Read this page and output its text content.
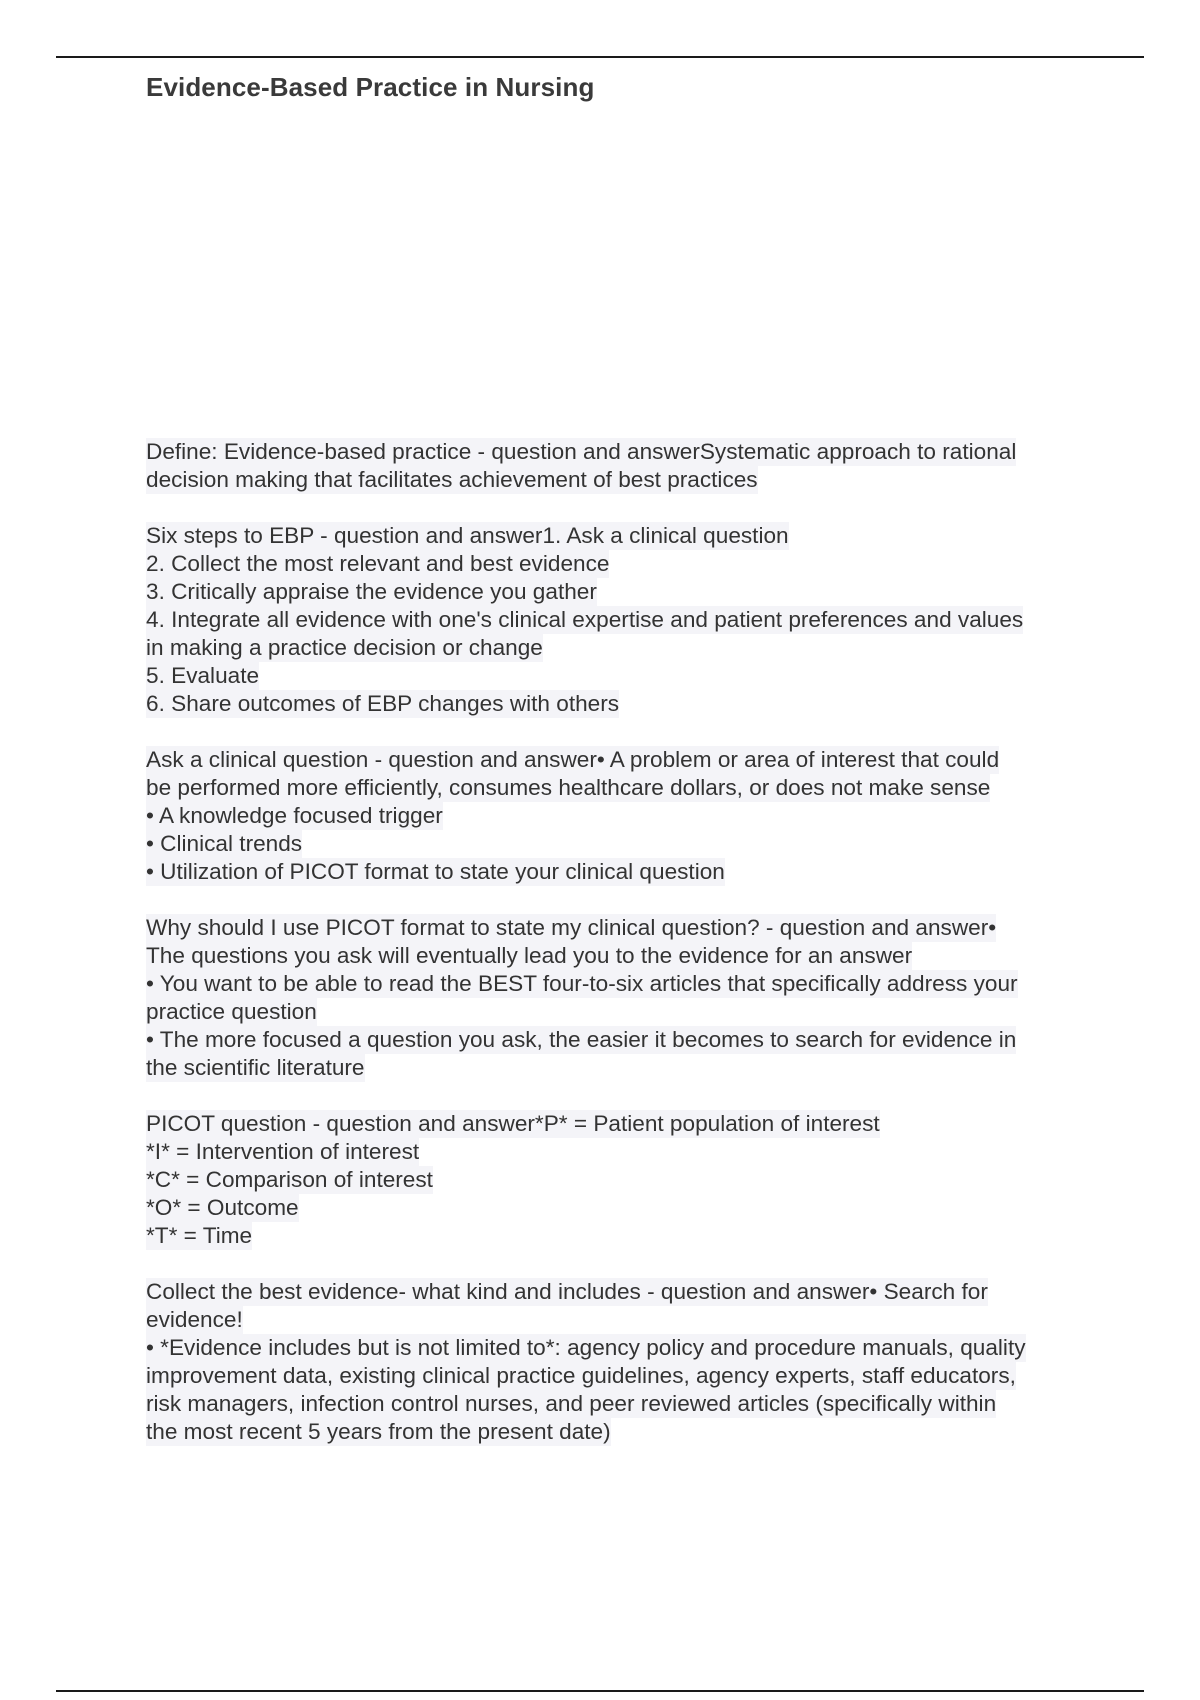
Evidence-Based Practice in Nursing
Define: Evidence-based practice - question and answerSystematic approach to rational
decision making that facilitates achievement of best practices
Six steps to EBP - question and answer1. Ask a clinical question
2. Collect the most relevant and best evidence
3. Critically appraise the evidence you gather
4. Integrate all evidence with one's clinical expertise and patient preferences and values
in making a practice decision or change
5. Evaluate
6. Share outcomes of EBP changes with others
Ask a clinical question - question and answer• A problem or area of interest that could
be performed more efficiently, consumes healthcare dollars, or does not make sense
• A knowledge focused trigger
• Clinical trends
• Utilization of PICOT format to state your clinical question
Why should I use PICOT format to state my clinical question? - question and answer•
The questions you ask will eventually lead you to the evidence for an answer
• You want to be able to read the BEST four-to-six articles that specifically address your
practice question
• The more focused a question you ask, the easier it becomes to search for evidence in
the scientific literature
PICOT question - question and answer*P* = Patient population of interest
*I* = Intervention of interest
*C* = Comparison of interest
*O* = Outcome
*T* = Time
Collect the best evidence- what kind and includes - question and answer• Search for
evidence!
• *Evidence includes but is not limited to*: agency policy and procedure manuals, quality
improvement data, existing clinical practice guidelines, agency experts, staff educators,
risk managers, infection control nurses, and peer reviewed articles (specifically within
the most recent 5 years from the present date)
